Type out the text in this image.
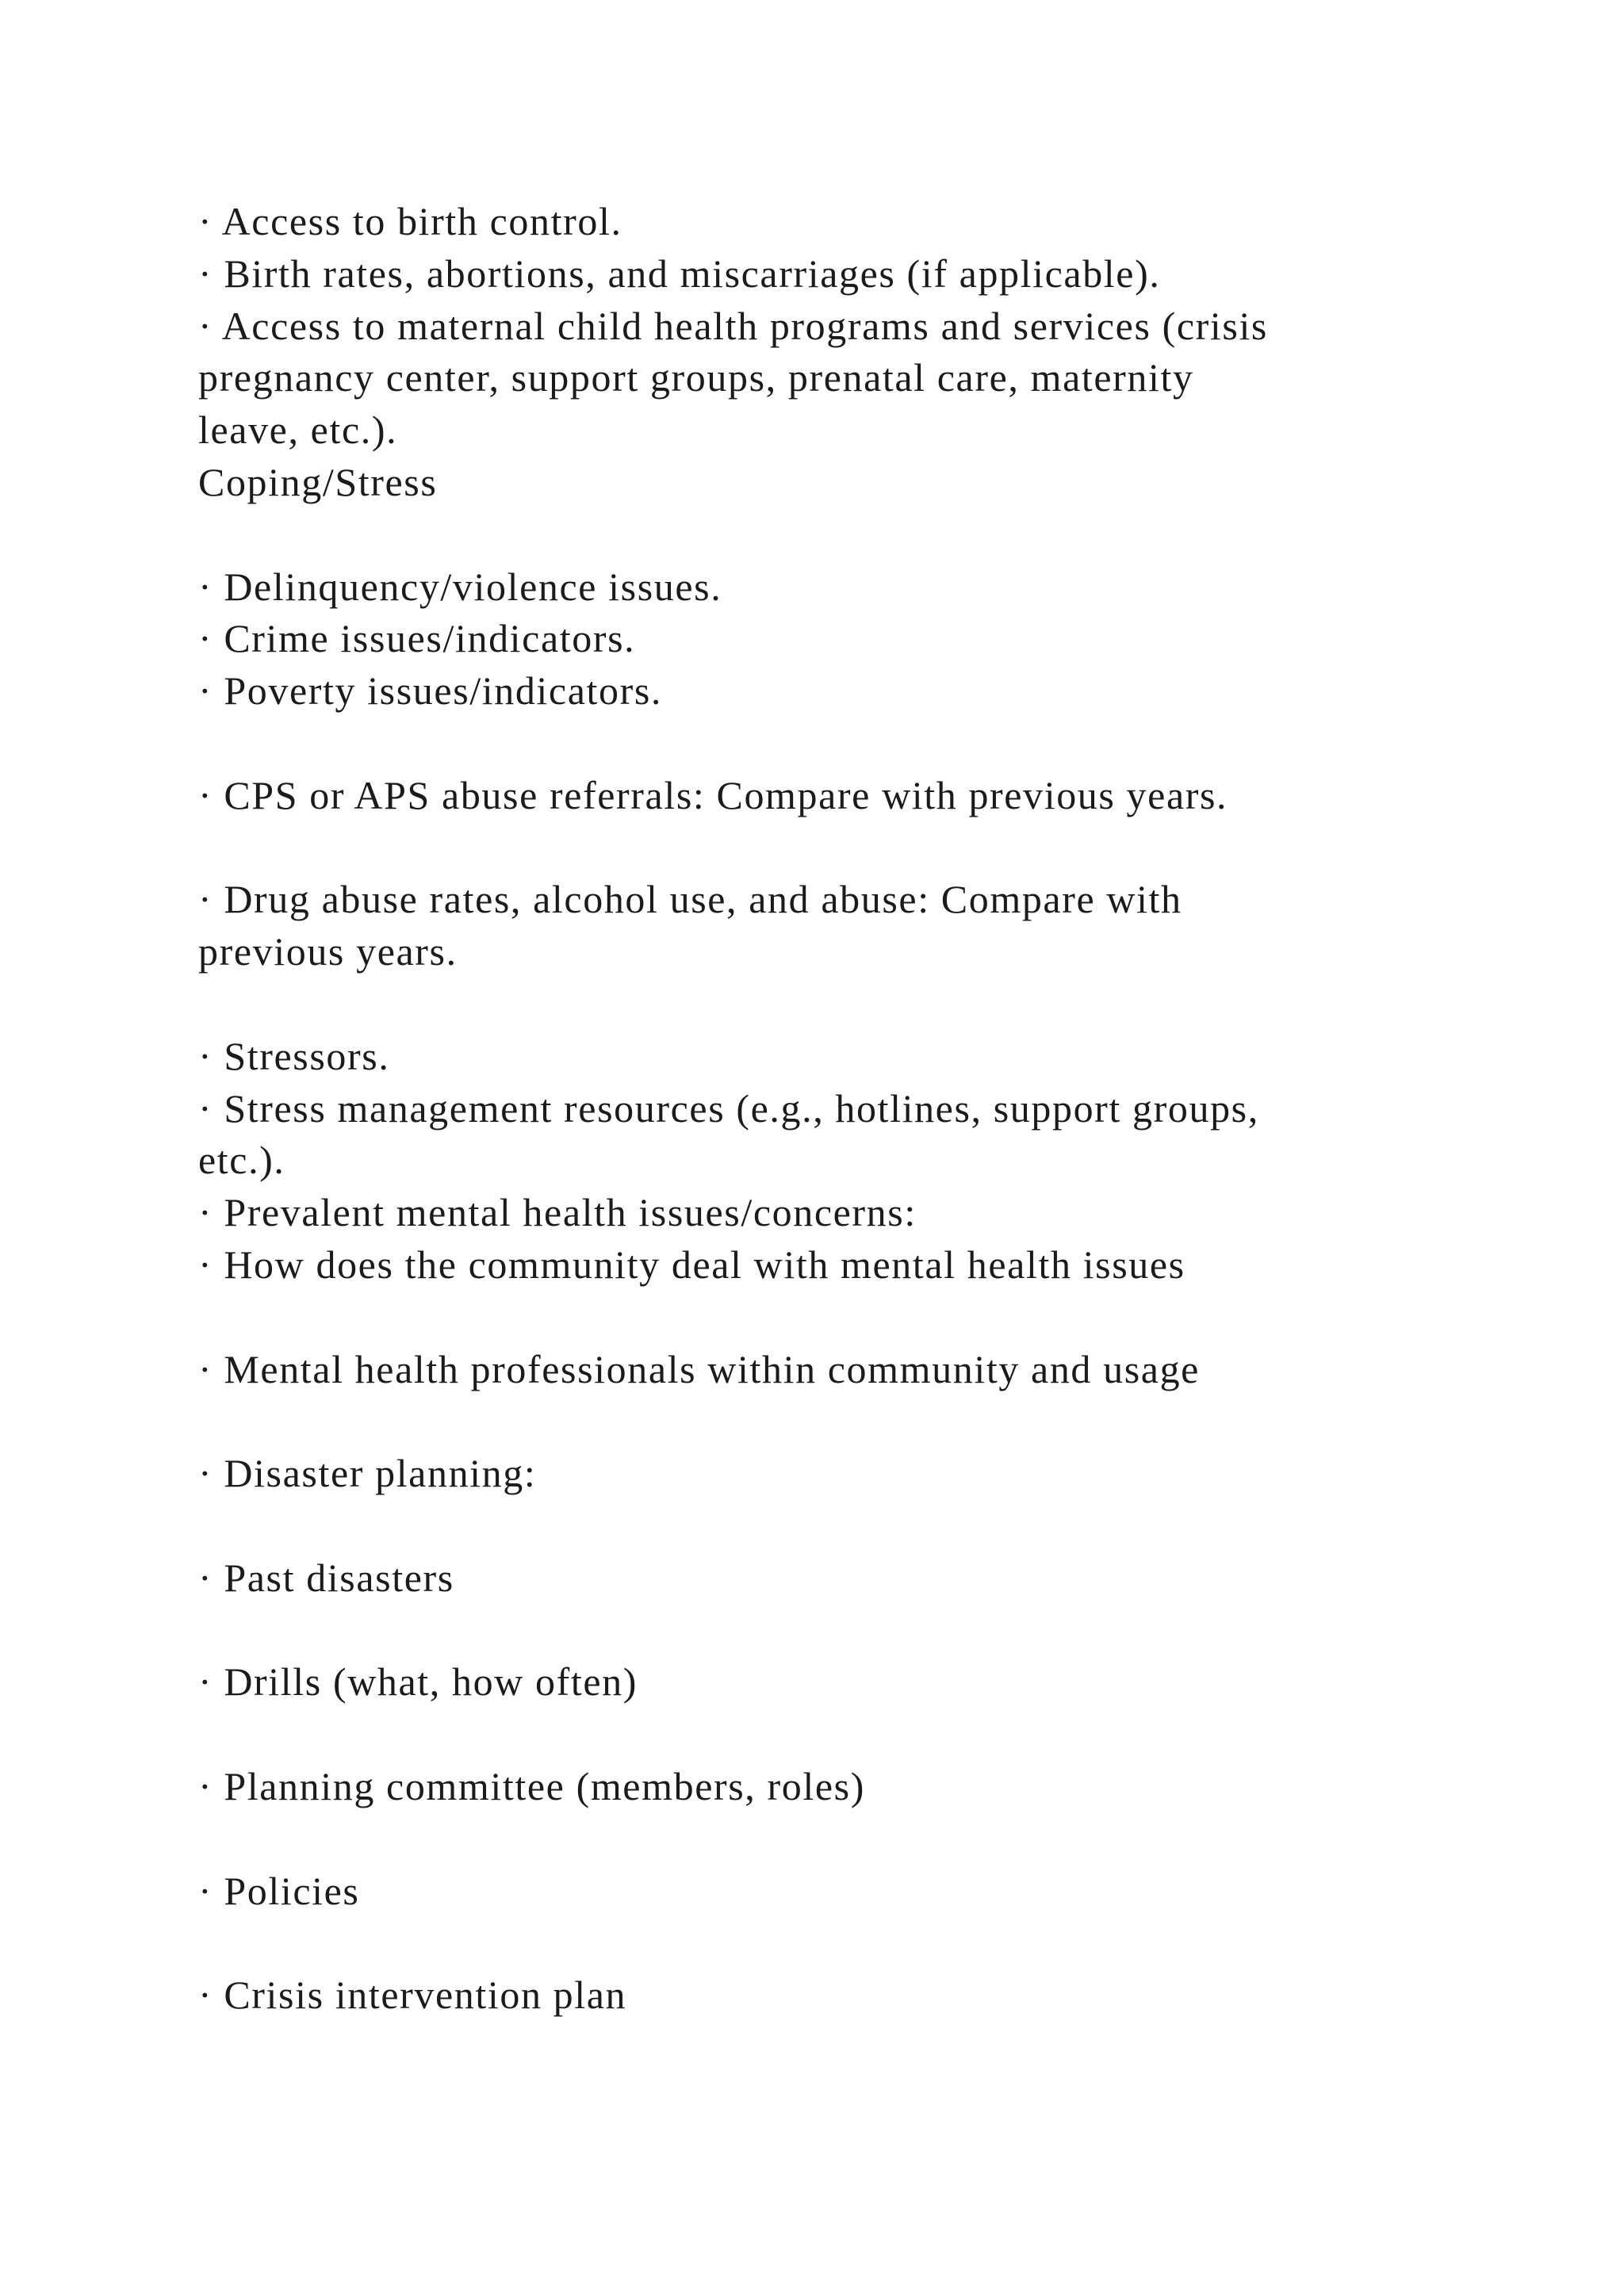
· Access to birth control.
· Birth rates, abortions, and miscarriages (if applicable).
· Access to maternal child health programs and services (crisis
pregnancy center, support groups, prenatal care, maternity
leave, etc.).
Coping/Stress
· Delinquency/violence issues.
· Crime issues/indicators.
· Poverty issues/indicators.
· CPS or APS abuse referrals: Compare with previous years.
· Drug abuse rates, alcohol use, and abuse: Compare with
previous years.
· Stressors.
· Stress management resources (e.g., hotlines, support groups,
etc.).
· Prevalent mental health issues/concerns:
· How does the community deal with mental health issues
· Mental health professionals within community and usage
· Disaster planning:
· Past disasters
· Drills (what, how often)
· Planning committee (members, roles)
· Policies
· Crisis intervention plan
